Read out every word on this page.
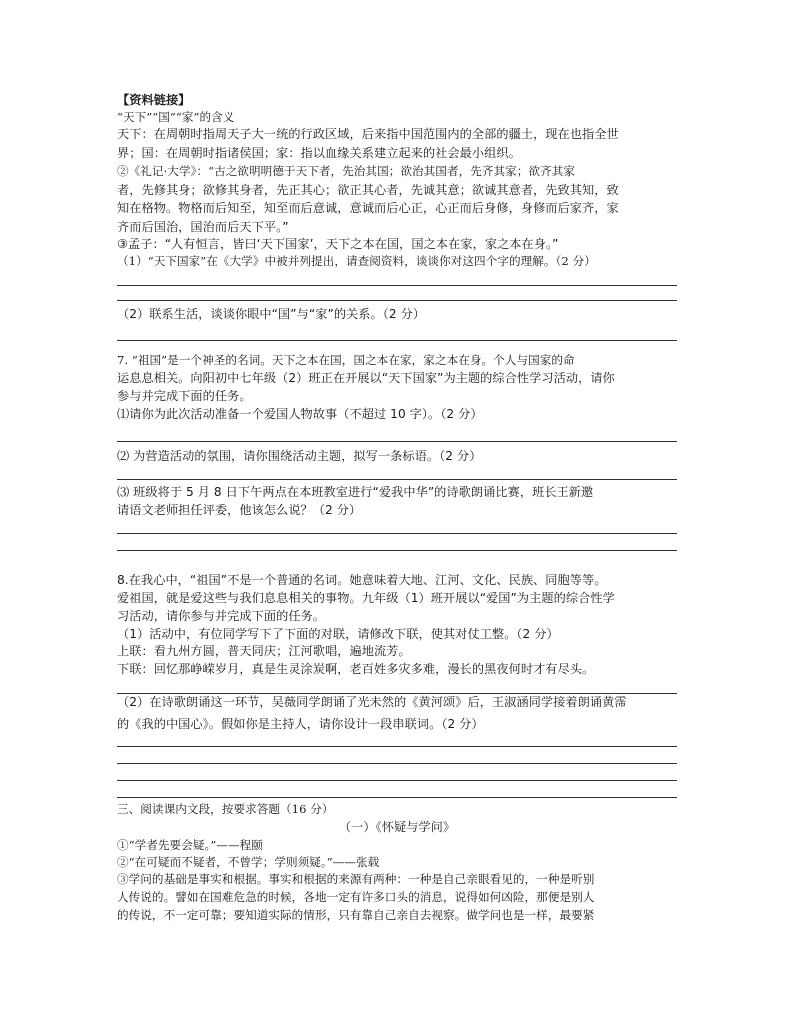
【资料链接】
“天下”“国”“家”的含义
天下：在周朝时指周天子大一统的行政区域，后来指中国范围内的全部的疆土，现在也指全世
界；国：在周朝时指诸侯国；家：指以血缘关系建立起来的社会最小组织。
②《礼记·大学》：“古之欲明明德于天下者，先治其国；欲治其国者，先齐其家；欲齐其家
者，先修其身；欲修其身者，先正其心；欲正其心者，先诚其意；欲诚其意者，先致其知，致
知在格物。物格而后知至，知至而后意诚，意诚而后心正，心正而后身修，身修而后家齐，家
齐而后国治，国治而后天下平。”
③孟子：“人有恒言，皆曰‘天下国家’，天下之本在国，国之本在家，家之本在身。”
（1）“天下国家”在《大学》中被并列提出，请查阅资料，谈谈你对这四个字的理解。（2 分）
（2）联系生活，谈谈你眼中“国”与“家”的关系。（2 分）
7. “祖国”是一个神圣的名词。天下之本在国，国之本在家，家之本在身。个人与国家的命
运息息相关。向阳初中七年级（2）班正在开展以“天下国家”为主题的综合性学习活动，请你
参与并完成下面的任务。
⑴请你为此次活动准备一个爱国人物故事（不超过 10 字）。（2 分）
⑵ 为营造活动的氛围，请你围绕活动主题，拟写一条标语。（2 分）
⑶ 班级将于 5 月 8 日下午两点在本班教室进行“爱我中华”的诗歌朗诵比赛，班长王新邀
请语文老师担任评委，他该怎么说？（2 分）
8.在我心中，“祖国”不是一个普通的名词。她意味着大地、江河、文化、民族、同胞等等。
爱祖国，就是爱这些与我们息息相关的事物。九年级（1）班开展以“爱国”为主题的综合性学
习活动，请你参与并完成下面的任务。
（1）活动中，有位同学写下了下面的对联，请修改下联，使其对仗工整。（2 分）
上联：看九州方圆，普天同庆；江河歌唱，遍地流芳。
下联：回忆那峥嵘岁月，真是生灵涂炭啊，老百姓多灾多难，漫长的黑夜何时才有尽头。
（2）在诗歌朗诵这一环节，吴薇同学朗诵了光未然的《黄河颂》后，王淑涵同学接着朗诵黄霈
的《我的中国心》。假如你是主持人，请你设计一段串联词。（2 分）
三、阅读课内文段，按要求答题（16 分）
（一）《怀疑与学问》
①“学者先要会疑。”——程颐
②“在可疑而不疑者，不曾学；学则须疑。”——张载
③学问的基础是事实和根据。事实和根据的来源有两种：一种是自己亲眼看见的，一种是听别
人传说的。譬如在国难危急的时候，各地一定有许多口头的消息，说得如何凶险，那便是别人
的传说，不一定可靠；要知道实际的情形，只有靠自己亲自去视察。做学问也是一样，最要紧
